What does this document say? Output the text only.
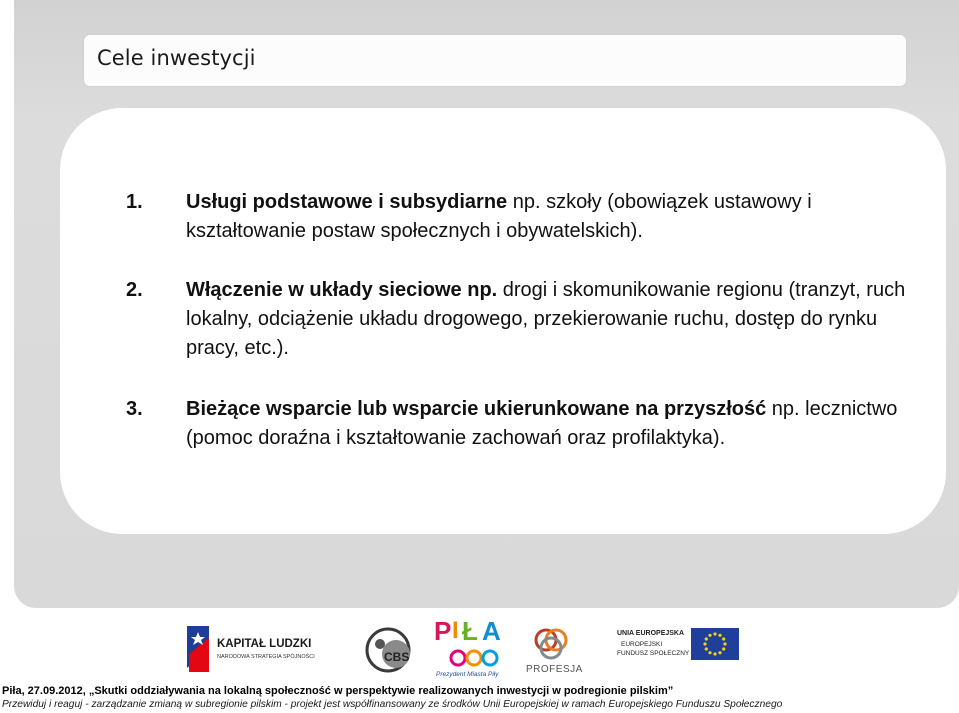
Cele inwestycji
1. Usługi podstawowe i subsydiarne np. szkoły (obowiązek ustawowy i kształtowanie postaw społecznych i obywatelskich).
2. Włączenie w układy sieciowe np. drogi i skomunikowanie regionu (tranzyt, ruch lokalny, odciążenie układu drogowego, przekierowanie ruchu, dostęp do rynku pracy, etc.).
3. Bieżące wsparcie lub wsparcie ukierunkowane na przyszłość np. lecznictwo (pomoc doraźna i kształtowanie zachowań oraz profilaktyka).
KAPITAŁ LUDZKI
NARODOWA STRATEGIA SPÓJNOŚCI	CBS
P I Ł A
Prezydent Miasta Piły	PROFESJA
UNIA EUROPEJSKA
EUROPEJSKI
FUNDUSZ SPOŁECZNY
Piła, 27.09.2012, „Skutki oddziaływania na lokalną społeczność w perspektywie realizowanych inwestycji w podregionie pilskim”
Przewiduj i reaguj - zarządzanie zmianą w subregionie pilskim - projekt jest współfinansowany ze środków Unii Europejskiej w ramach Europejskiego Funduszu Społecznego
